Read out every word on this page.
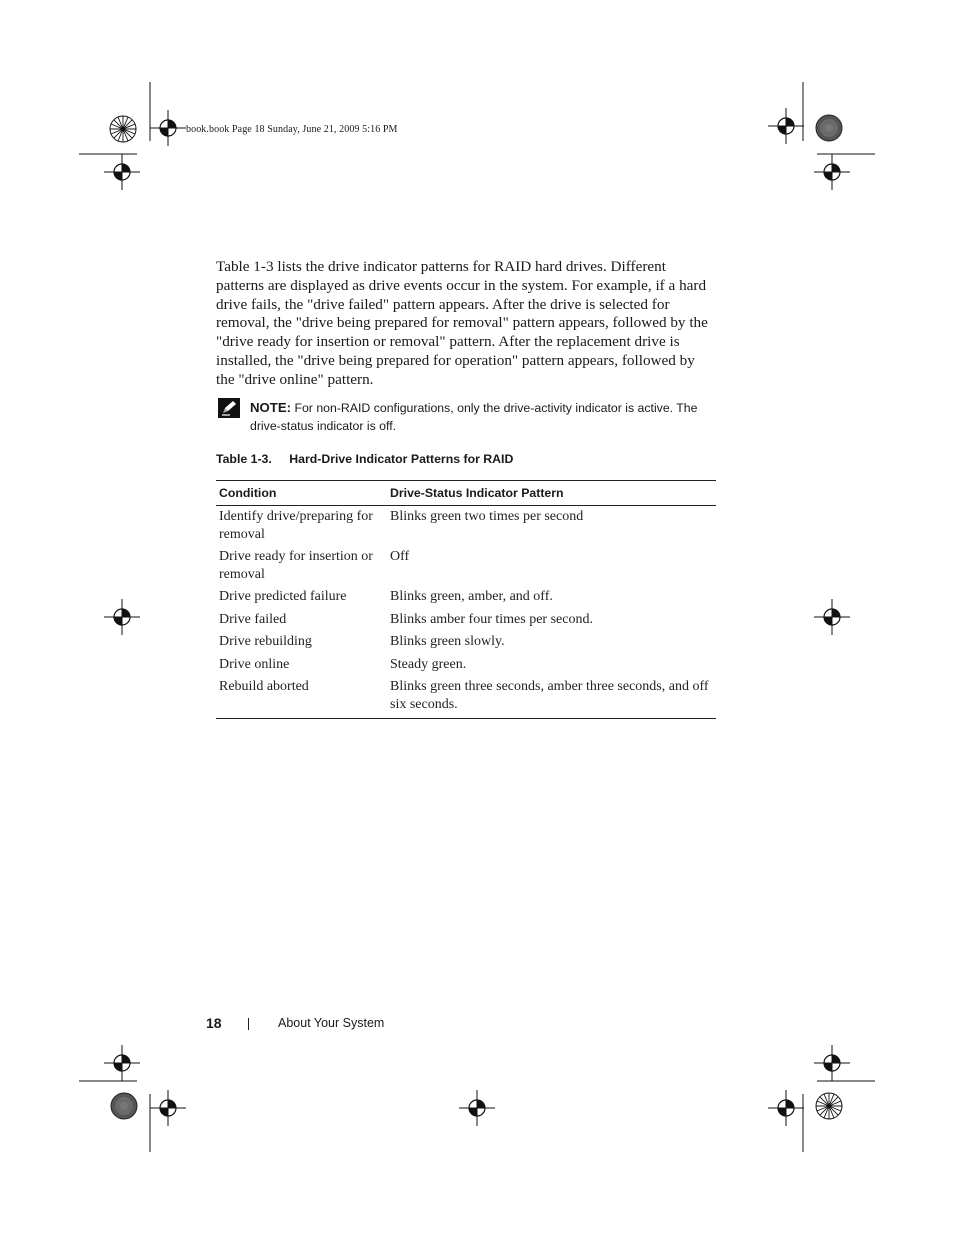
book.book Page 18 Sunday, June 21, 2009 5:16 PM

Table 1-3 lists the drive indicator patterns for RAID hard drives. Different patterns are displayed as drive events occur in the system. For example, if a hard drive fails, the "drive failed" pattern appears. After the drive is selected for removal, the "drive being prepared for removal" pattern appears, followed by the "drive ready for insertion or removal" pattern. After the replacement drive is installed, the "drive being prepared for operation" pattern appears, followed by the "drive online" pattern.

NOTE: For non-RAID configurations, only the drive-activity indicator is active. The drive-status indicator is off.
Table 1-3. Hard-Drive Indicator Patterns for RAID
Condition	Drive-Status Indicator Pattern
Identify drive/preparing for removal	Blinks green two times per second
Drive ready for insertion or removal	Off
Drive predicted failure	Blinks green, amber, and off.
Drive failed	Blinks amber four times per second.
Drive rebuilding	Blinks green slowly.
Drive online	Steady green.
Rebuild aborted	Blinks green three seconds, amber three seconds, and off six seconds.
18	About Your System
